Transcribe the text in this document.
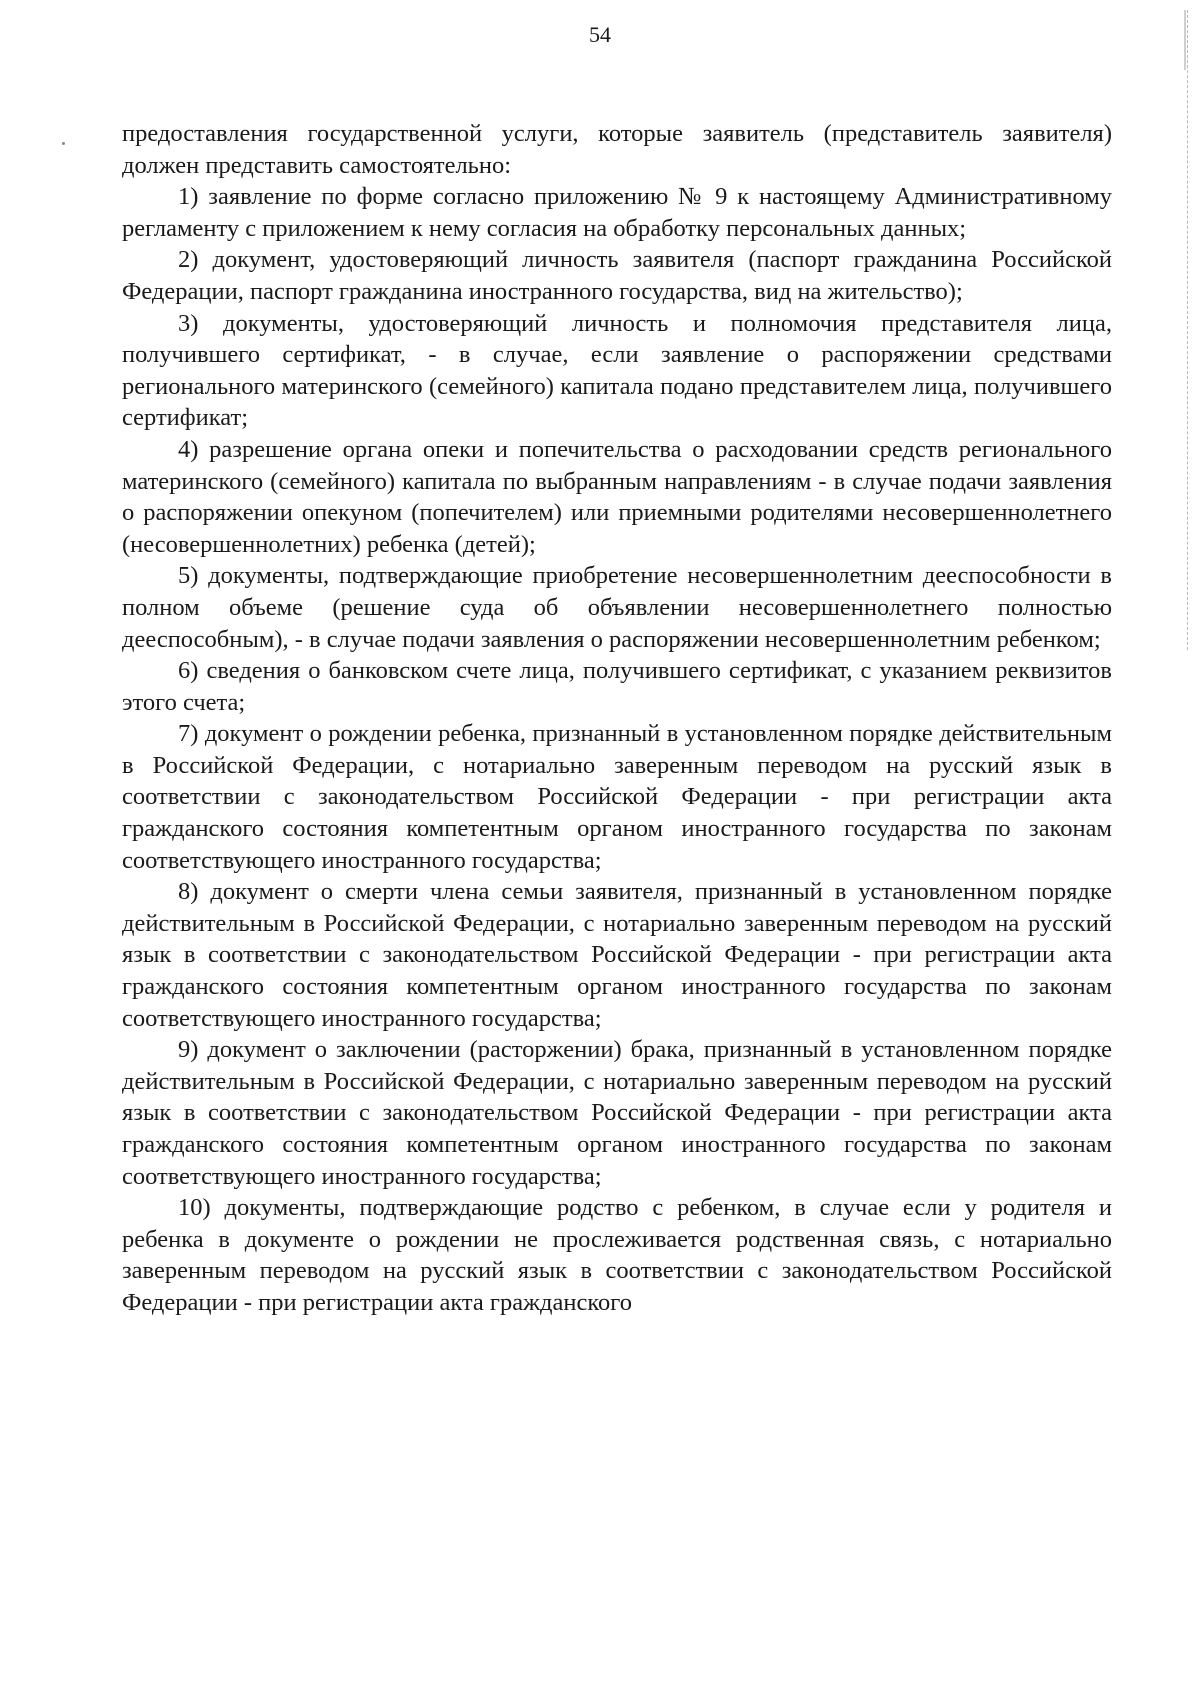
54

предоставления государственной услуги, которые заявитель (представитель заявителя) должен представить самостоятельно:

1) заявление по форме согласно приложению № 9 к настоящему Административному регламенту с приложением к нему согласия на обработку персональных данных;

2) документ, удостоверяющий личность заявителя (паспорт гражданина Российской Федерации, паспорт гражданина иностранного государства, вид на жительство);

3) документы, удостоверяющий личность и полномочия представителя лица, получившего сертификат, - в случае, если заявление о распоряжении средствами регионального материнского (семейного) капитала подано представителем лица, получившего сертификат;

4) разрешение органа опеки и попечительства о расходовании средств регионального материнского (семейного) капитала по выбранным направлениям - в случае подачи заявления о распоряжении опекуном (попечителем) или приемными родителями несовершеннолетнего (несовершеннолетних) ребенка (детей);

5) документы, подтверждающие приобретение несовершеннолетним дееспособности в полном объеме (решение суда об объявлении несовершеннолетнего полностью дееспособным), - в случае подачи заявления о распоряжении несовершеннолетним ребенком;

6) сведения о банковском счете лица, получившего сертификат, с указанием реквизитов этого счета;

7) документ о рождении ребенка, признанный в установленном порядке действительным в Российской Федерации, с нотариально заверенным переводом на русский язык в соответствии с законодательством Российской Федерации - при регистрации акта гражданского состояния компетентным органом иностранного государства по законам соответствующего иностранного государства;

8) документ о смерти члена семьи заявителя, признанный в установленном порядке действительным в Российской Федерации, с нотариально заверенным переводом на русский язык в соответствии с законодательством Российской Федерации - при регистрации акта гражданского состояния компетентным органом иностранного государства по законам соответствующего иностранного государства;

9) документ о заключении (расторжении) брака, признанный в установленном порядке действительным в Российской Федерации, с нотариально заверенным переводом на русский язык в соответствии с законодательством Российской Федерации - при регистрации акта гражданского состояния компетентным органом иностранного государства по законам соответствующего иностранного государства;

10) документы, подтверждающие родство с ребенком, в случае если у родителя и ребенка в документе о рождении не прослеживается родственная связь, с нотариально заверенным переводом на русский язык в соответствии с законодательством Российской Федерации - при регистрации акта гражданского
